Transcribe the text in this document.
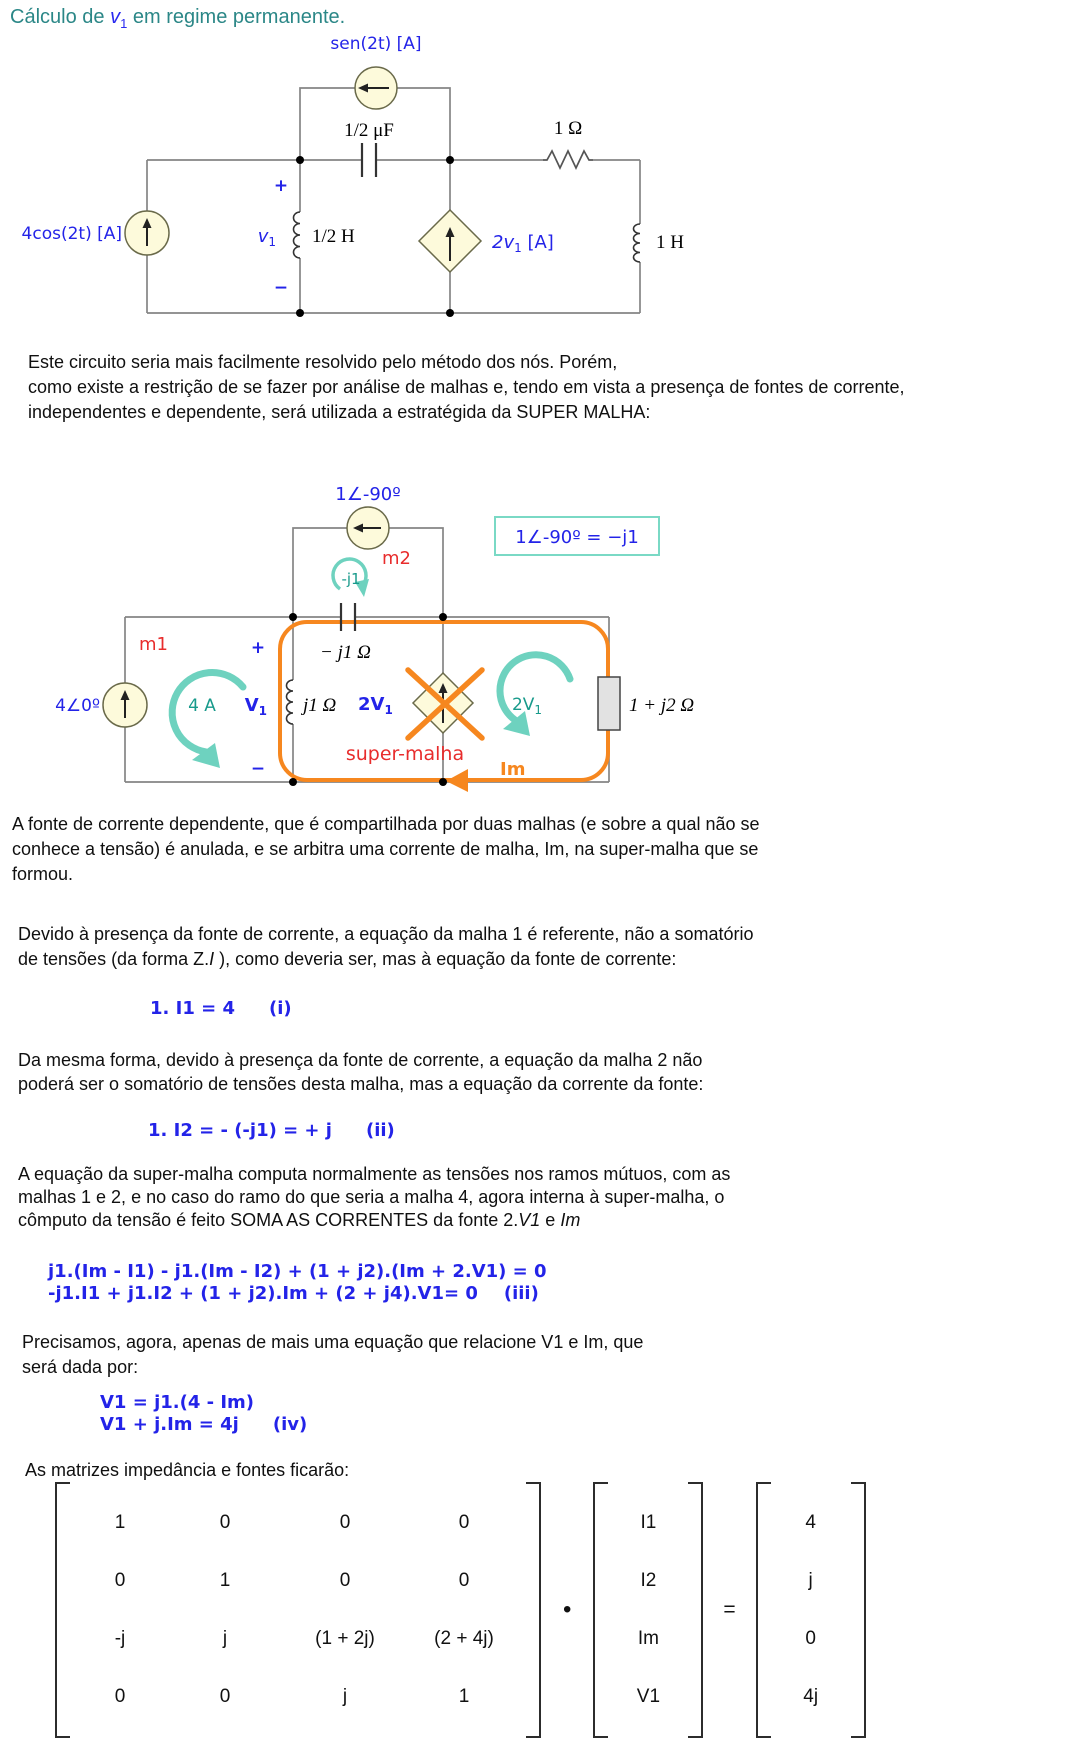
Cálculo de $v_1$ em regime permanente.
sen(2t) [A]
4cos(2t) [A]
1/2 μF	1 Ω
+
$v_1$
−
1/2 H	$2v_1$ [A]	1 H
Este circuito seria mais facilmente resolvido pelo método dos nós. Porém,
como existe a restrição de se fazer por análise de malhas e, tendo em vista a presença de fontes de corrente,
independentes e dependente, será utilizada a estratégida da SUPER MALHA:
1∠-90º = −j1
1∠-90º
m2
-j1
m1
4∠0º	4 A
+
$V_1$
−
− j1 Ω
j1 Ω $2V_1$	$2V_1$	1 + j2 Ω
super-malha
Im
A fonte de corrente dependente, que é compartilhada por duas malhas (e sobre a qual não se
conhece a tensão) é anulada, e se arbitra uma corrente de malha, Im, na super-malha que se
formou.
Devido à presença da fonte de corrente, a equação da malha 1 é referente, não a somatório
de tensões (da forma Z.I ), como deveria ser, mas à equação da fonte de corrente:
1. I1 = 4 (i)
Da mesma forma, devido à presença da fonte de corrente, a equação da malha 2 não
poderá ser o somatório de tensões desta malha, mas a equação da corrente da fonte:
1. I2 = - (-j1) = + j (ii)
A equação da super-malha computa normalmente as tensões nos ramos mútuos, com as
malhas 1 e 2, e no caso do ramo do que seria a malha 4, agora interna à super-malha, o
cômputo da tensão é feito SOMA AS CORRENTES da fonte 2.V1 e Im
j1.(Im - I1) - j1.(Im - I2) + (1 + j2).(Im + 2.V1) = 0
-j1.I1 + j1.I2 + (1 + j2).Im + (2 + j4).V1= 0 (iii)
Precisamos, agora, apenas de mais uma equação que relacione V1 e Im, que
será dada por:
V1 = j1.(4 - Im)
V1 + j.Im = 4j (iv)
As matrizes impedância e fontes ficarão:
1	0	0	0
0	1	0	0
-j	j	(1 + 2j)	(2 + 4j)
0	0	j	1
•
I1
I2
Im
V1
=
4
j
0
4j
